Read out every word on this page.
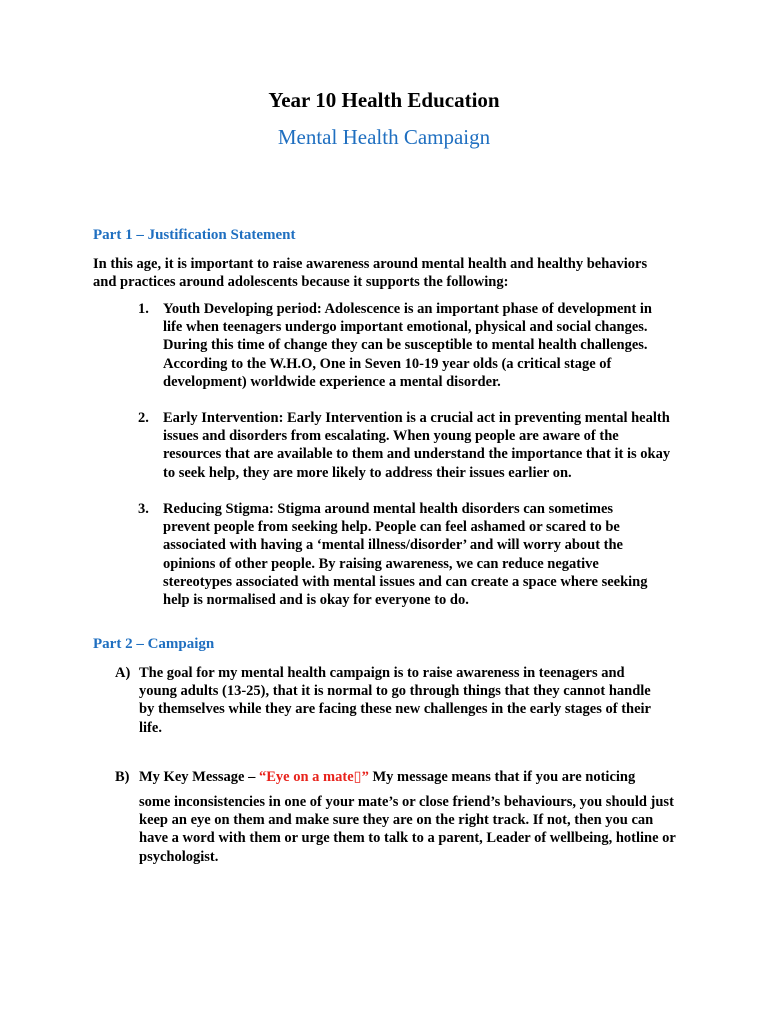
Year 10 Health Education
Mental Health Campaign
Part 1 – Justification Statement
In this age, it is important to raise awareness around mental health and healthy behaviors and practices around adolescents because it supports the following:
1. Youth Developing period: Adolescence is an important phase of development in life when teenagers undergo important emotional, physical and social changes. During this time of change they can be susceptible to mental health challenges. According to the W.H.O, One in Seven 10-19 year olds (a critical stage of development) worldwide experience a mental disorder.
2. Early Intervention: Early Intervention is a crucial act in preventing mental health issues and disorders from escalating. When young people are aware of the resources that are available to them and understand the importance that it is okay to seek help, they are more likely to address their issues earlier on.
3. Reducing Stigma: Stigma around mental health disorders can sometimes prevent people from seeking help. People can feel ashamed or scared to be associated with having a ‘mental illness/disorder’ and will worry about the opinions of other people. By raising awareness, we can reduce negative stereotypes associated with mental issues and can create a space where seeking help is normalised and is okay for everyone to do.
Part 2 – Campaign
A) The goal for my mental health campaign is to raise awareness in teenagers and young adults (13-25), that it is normal to go through things that they cannot handle by themselves while they are facing these new challenges in the early stages of their life.
B) My Key Message – “Eye on a mate▯” My message means that if you are noticing
some inconsistencies in one of your mate’s or close friend’s behaviours, you should just keep an eye on them and make sure they are on the right track. If not, then you can have a word with them or urge them to talk to a parent, Leader of wellbeing, hotline or psychologist.
